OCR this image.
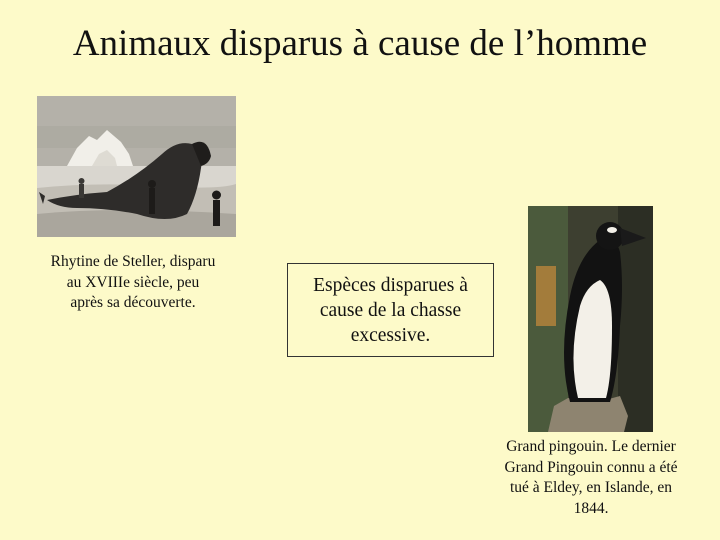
Animaux disparus à cause de l’homme
Rhytine de Steller, disparu au XVIIIe siècle, peu après sa découverte.
Espèces disparues à cause de la chasse excessive.
Grand pingouin. Le dernier Grand Pingouin connu a été tué à Eldey, en Islande, en 1844.
